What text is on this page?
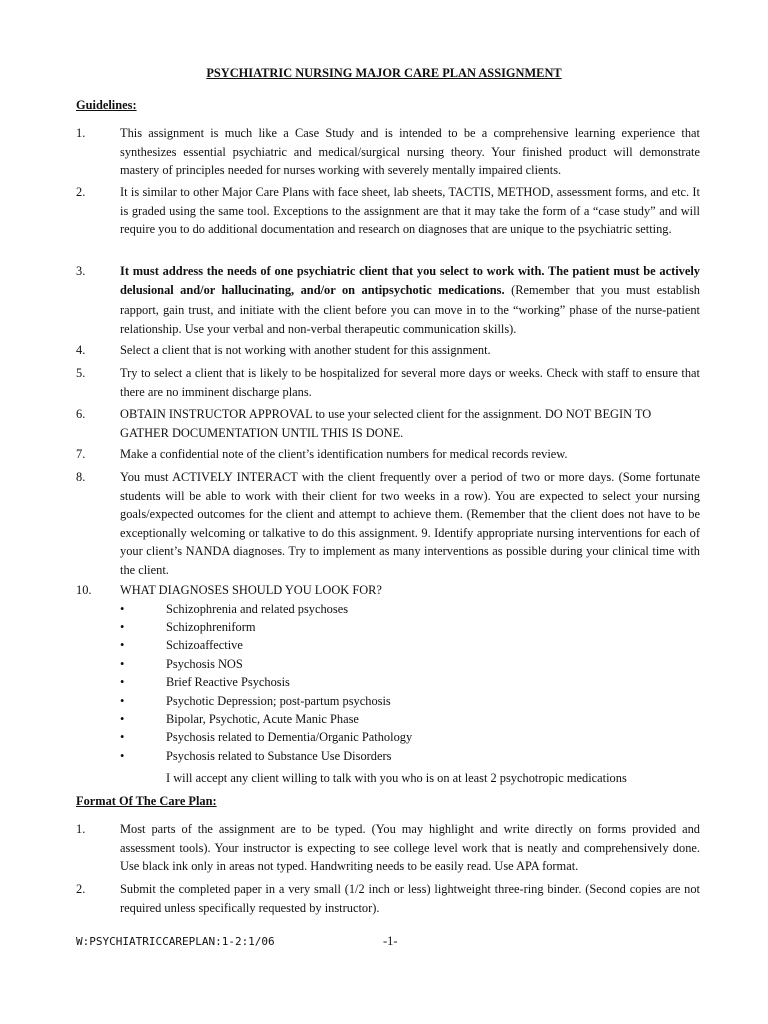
PSYCHIATRIC NURSING MAJOR CARE PLAN ASSIGNMENT
Guidelines:
1.	This assignment is much like a Case Study and is intended to be a comprehensive learning experience that synthesizes essential psychiatric and medical/surgical nursing theory. Your finished product will demonstrate mastery of principles needed for nurses working with severely mentally impaired clients.
2.	It is similar to other Major Care Plans with face sheet, lab sheets, TACTIS, METHOD, assessment forms, and etc. It is graded using the same tool. Exceptions to the assignment are that it may take the form of a “case study” and will require you to do additional documentation and research on diagnoses that are unique to the psychiatric setting.
3.	It must address the needs of one psychiatric client that you select to work with. The patient must be actively delusional and/or hallucinating, and/or on antipsychotic medications. (Remember that you must establish rapport, gain trust, and initiate with the client before you can move in to the “working” phase of the nurse-patient relationship. Use your verbal and non-verbal therapeutic communication skills).
4.	Select a client that is not working with another student for this assignment.
5.	Try to select a client that is likely to be hospitalized for several more days or weeks. Check with staff to ensure that there are no imminent discharge plans.
6.	OBTAIN INSTRUCTOR APPROVAL to use your selected client for the assignment. DO NOT BEGIN TO GATHER DOCUMENTATION UNTIL THIS IS DONE.
7.	Make a confidential note of the client’s identification numbers for medical records review.
8.	You must ACTIVELY INTERACT with the client frequently over a period of two or more days. (Some fortunate students will be able to work with their client for two weeks in a row). You are expected to select your nursing goals/expected outcomes for the client and attempt to achieve them. (Remember that the client does not have to be exceptionally welcoming or talkative to do this assignment. 9. Identify appropriate nursing interventions for each of your client’s NANDA diagnoses. Try to implement as many interventions as possible during your clinical time with the client.
10. WHAT DIAGNOSES SHOULD YOU LOOK FOR?
•	Schizophrenia and related psychoses
•	Schizophreniform
•	Schizoaffective
•	Psychosis NOS
•	Brief Reactive Psychosis
•	Psychotic Depression; post-partum psychosis
•	Bipolar, Psychotic, Acute Manic Phase
•	Psychosis related to Dementia/Organic Pathology
•	Psychosis related to Substance Use Disorders
I will accept any client willing to talk with you who is on at least 2 psychotropic medications
Format Of The Care Plan:
1.	Most parts of the assignment are to be typed. (You may highlight and write directly on forms provided and assessment tools). Your instructor is expecting to see college level work that is neatly and comprehensively done. Use black ink only in areas not typed. Handwriting needs to be easily read. Use APA format.
2.	Submit the completed paper in a very small (1/2 inch or less) lightweight three-ring binder. (Second copies are not required unless specifically requested by instructor).
W:PSYCHIATRICCAREPLAN:1-2:1/06	-1-
